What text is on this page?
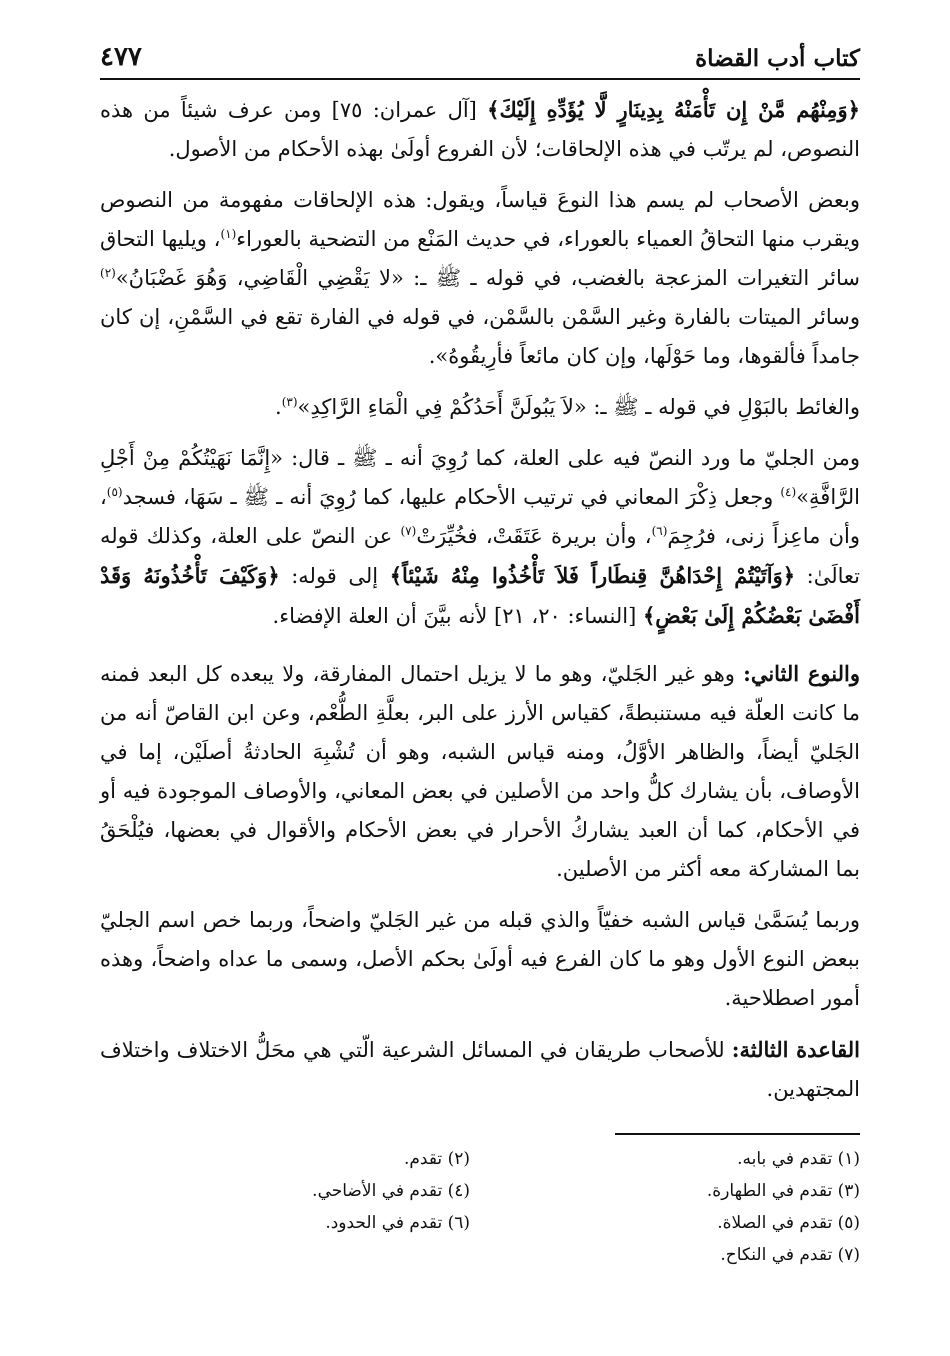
٤٧٧	كتاب أدب القضاة

﴿وَمِنْهُم مَّنْ إِن تَأْمَنْهُ بِدِينَارٍ لَّا يُؤَدِّهِ إِلَيْكَ﴾ [آل عمران: ٧٥] ومن عرف شيئاً من هذه النصوص، لم يرتّب في هذه الإلحاقات؛ لأن الفروع أولَىٰ بهذه الأحكام من الأصول.

وبعض الأصحاب لم يسم هذا النوعَ قياساً، ويقول: هذه الإلحاقات مفهومة من النصوص ويقرب منها التحاقُ العمياء بالعوراء، في حديث المَنْع من التضحية بالعوراء$^{(١)}$، ويليها التحاق سائر التغيرات المزعجة بالغضب، في قوله ـ ﷺ ـ: «لا يَقْضِي الْقَاضِي، وَهُوَ غَضْبَانُ»$^{(٢)}$ وسائر الميتات بالفارة وغير السَّمْن بالسَّمْن، في قوله في الفارة تقع في السَّمْنِ، إن كان جامداً فألقوها، وما حَوْلَها، وإن كان مائعاً فأرِيقُوهُ».

والغائط بالبَوْلِ في قوله ـ ﷺ ـ: «لاَ يَبُولَنَّ أَحَدُكُمْ فِي الْمَاءِ الرَّاكِدِ»$^{(٣)}$.

ومن الجليّ ما ورد النصّ فيه على العلة، كما رُوِيَ أنه ـ ﷺ ـ قال: «إِنَّمَا نَهَيْتُكُمْ مِنْ أَجْلِ الرَّافَّةِ»$^{(٤)}$ وجعل ذِكْرَ المعاني في ترتيب الأحكام عليها، كما رُوِيَ أنه ـ ﷺ ـ سَهَا، فسجد$^{(٥)}$، وأن ماعِزاً زنى، فرُجِمَ$^{(٦)}$، وأن بريرة عَتَقَتْ، فخُيِّرَتْ$^{(٧)}$ عن النصّ على العلة، وكذلك قوله تعالَىٰ: ﴿وَآتَيْتُمْ إِحْدَاهُنَّ قِنطَاراً فَلاَ تَأْخُذُوا مِنْهُ شَيْئاً﴾ إلى قوله: ﴿وَكَيْفَ تَأْخُذُونَهُ وَقَدْ أَفْضَىٰ بَعْضُكُمْ إِلَىٰ بَعْضٍ﴾ [النساء: ٢٠، ٢١] لأنه بيَّنَ أن العلة الإفضاء.

والنوع الثاني: وهو غير الجَليّ، وهو ما لا يزيل احتمال المفارقة، ولا يبعده كل البعد فمنه ما كانت العلّة فيه مستنبطةً، كقياس الأرز على البر، بعلَّةِ الطُّعْم، وعن ابن القاصّ أنه من الجَليّ أيضاً، والظاهر الأوَّلُ، ومنه قياس الشبه، وهو أن تُشْبِهَ الحادثةُ أصلَيْن، إما في الأوصاف، بأن يشارك كلُّ واحد من الأصلين في بعض المعاني، والأوصاف الموجودة فيه أو في الأحكام، كما أن العبد يشاركُ الأحرار في بعض الأحكام والأقوال في بعضها، فيُلْحَقُ بما المشاركة معه أكثر من الأصلين.

وربما يُسَمَّىٰ قياس الشبه خفيّاً والذي قبله من غير الجَليّ واضحاً، وربما خص اسم الجليّ ببعض النوع الأول وهو ما كان الفرع فيه أولَىٰ بحكم الأصل، وسمى ما عداه واضحاً، وهذه أمور اصطلاحية.

القاعدة الثالثة: للأصحاب طريقان في المسائل الشرعية الّتي هي محَلُّ الاختلاف واختلاف المجتهدين.

(١) تقدم في بابه.
(٣) تقدم في الطهارة.
(٥) تقدم في الصلاة.
(٧) تقدم في النكاح.
(٢) تقدم.
(٤) تقدم في الأضاحي.
(٦) تقدم في الحدود.
